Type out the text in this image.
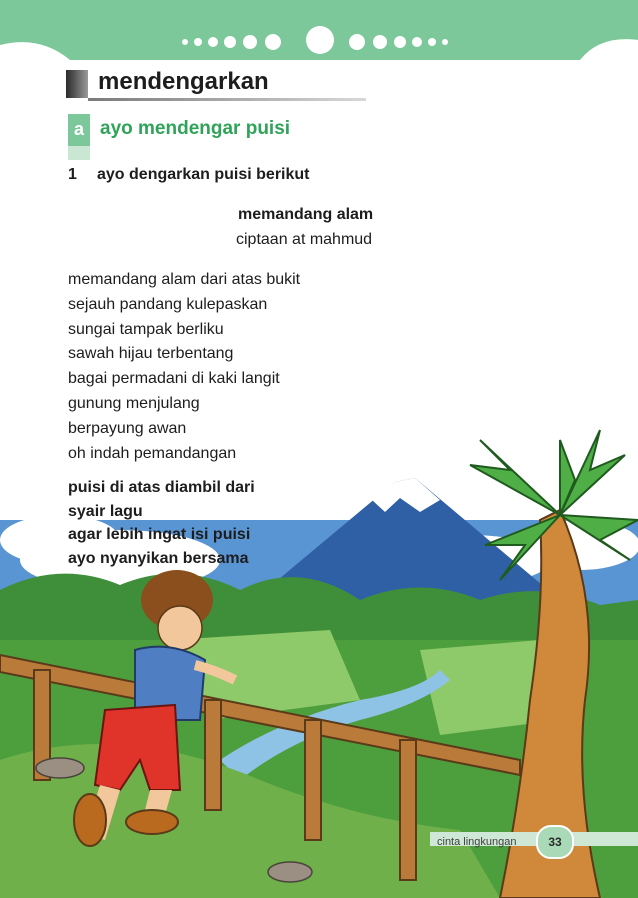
mendengarkan
a ayo mendengar puisi
1 ayo dengarkan puisi berikut
memandang alam
ciptaan at mahmud
memandang alam dari atas bukit
sejauh pandang kulepaskan
sungai tampak berliku
sawah hijau terbentang
bagai permadani di kaki langit
gunung menjulang
berpayung awan
oh indah pemandangan
puisi di atas diambil dari
syair lagu
agar lebih ingat isi puisi
ayo nyanyikan bersama
cinta lingkungan	33
